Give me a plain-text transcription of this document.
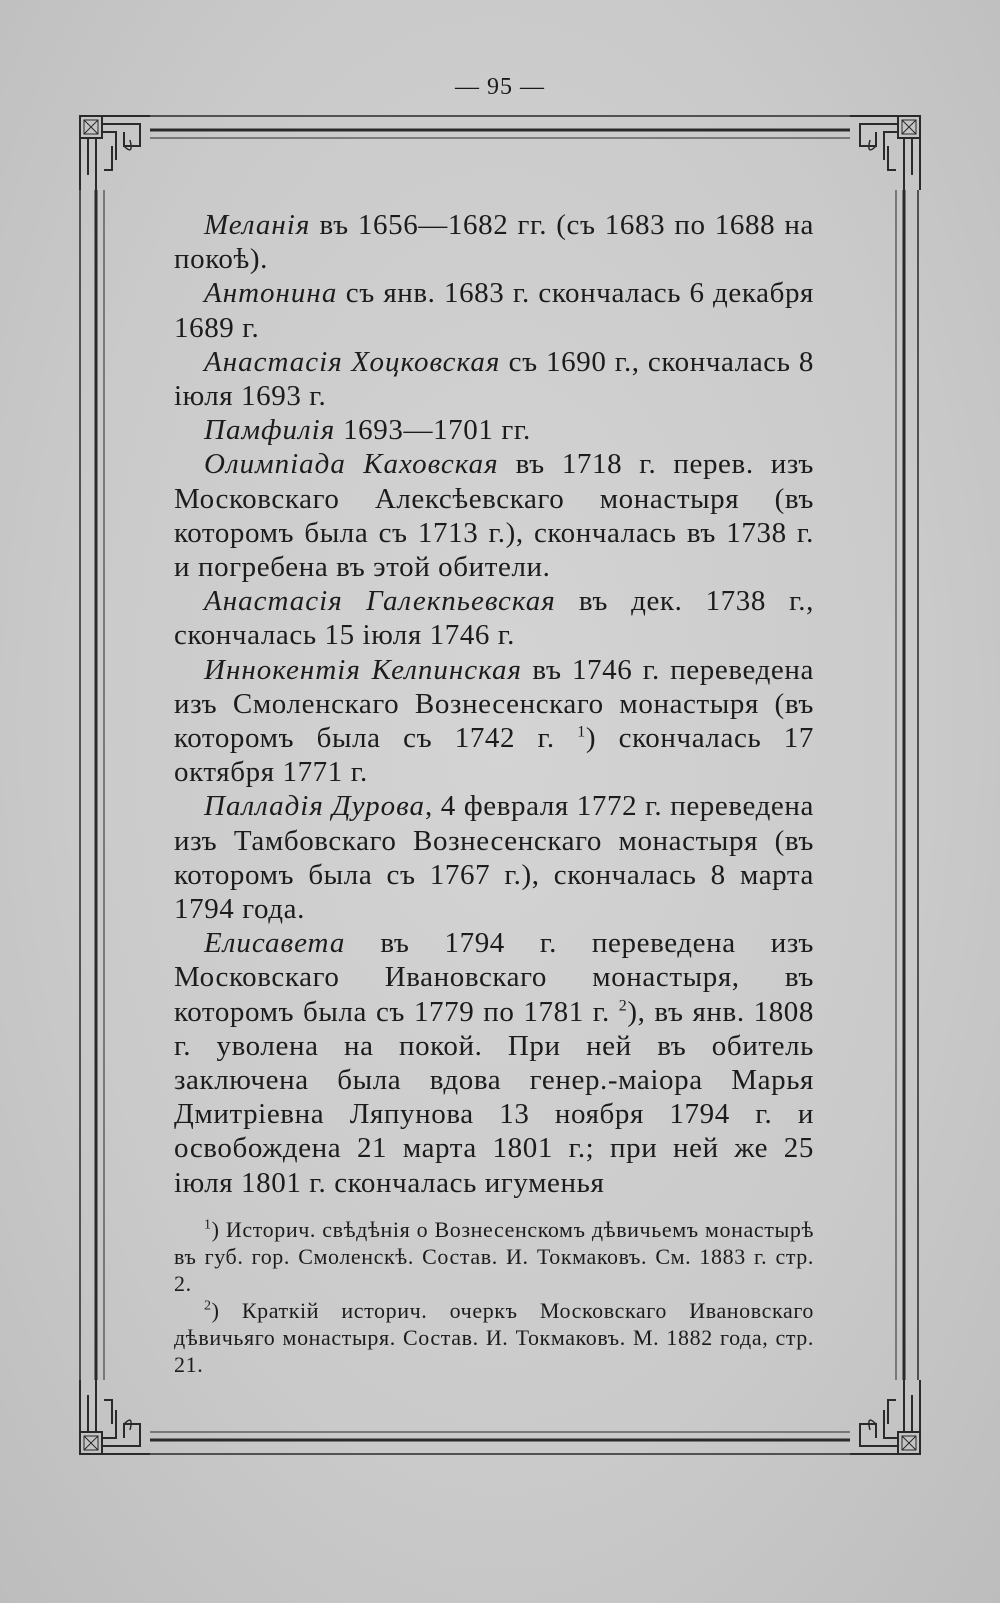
— 95 —

Меланія въ 1656—1682 гг. (съ 1683 по 1688 на покоѣ).

Антонина съ янв. 1683 г. скончалась 6 декабря 1689 г.

Анастасія Хоцковская съ 1690 г., скончалась 8 іюля 1693 г.

Памфилія 1693—1701 гг.

Олимпіада Каховская въ 1718 г. перев. изъ Московскаго Алексѣевскаго монастыря (въ которомъ была съ 1713 г.), скончалась въ 1738 г. и погребена въ этой обители.

Анастасія Галекпьевская въ дек. 1738 г., скончалась 15 іюля 1746 г.

Иннокентія Келпинская въ 1746 г. переведена изъ Смоленскаго Вознесенскаго монастыря (въ которомъ была съ 1742 г. $^1$) скончалась 17 октября 1771 г.

Палладія Дурова, 4 февраля 1772 г. переведена изъ Тамбовскаго Вознесенскаго монастыря (въ которомъ была съ 1767 г.), скончалась 8 марта 1794 года.

Елисавета въ 1794 г. переведена изъ Московскаго Ивановскаго монастыря, въ которомъ была съ 1779 по 1781 г. $^2$), въ янв. 1808 г. уволена на покой. При ней въ обитель заключена была вдова генер.-маіора Марья Дмитріевна Ляпунова 13 ноября 1794 г. и освобождена 21 марта 1801 г.; при ней же 25 іюля 1801 г. скончалась игуменья

$^1$) Историч. свѣдѣнія о Вознесенскомъ дѣвичьемъ монастырѣ въ губ. гор. Смоленскѣ. Состав. И. Токмаковъ. См. 1883 г. стр. 2.

$^2$) Краткій историч. очеркъ Московскаго Ивановскаго дѣвичьяго монастыря. Состав. И. Токмаковъ. М. 1882 года, стр. 21.
